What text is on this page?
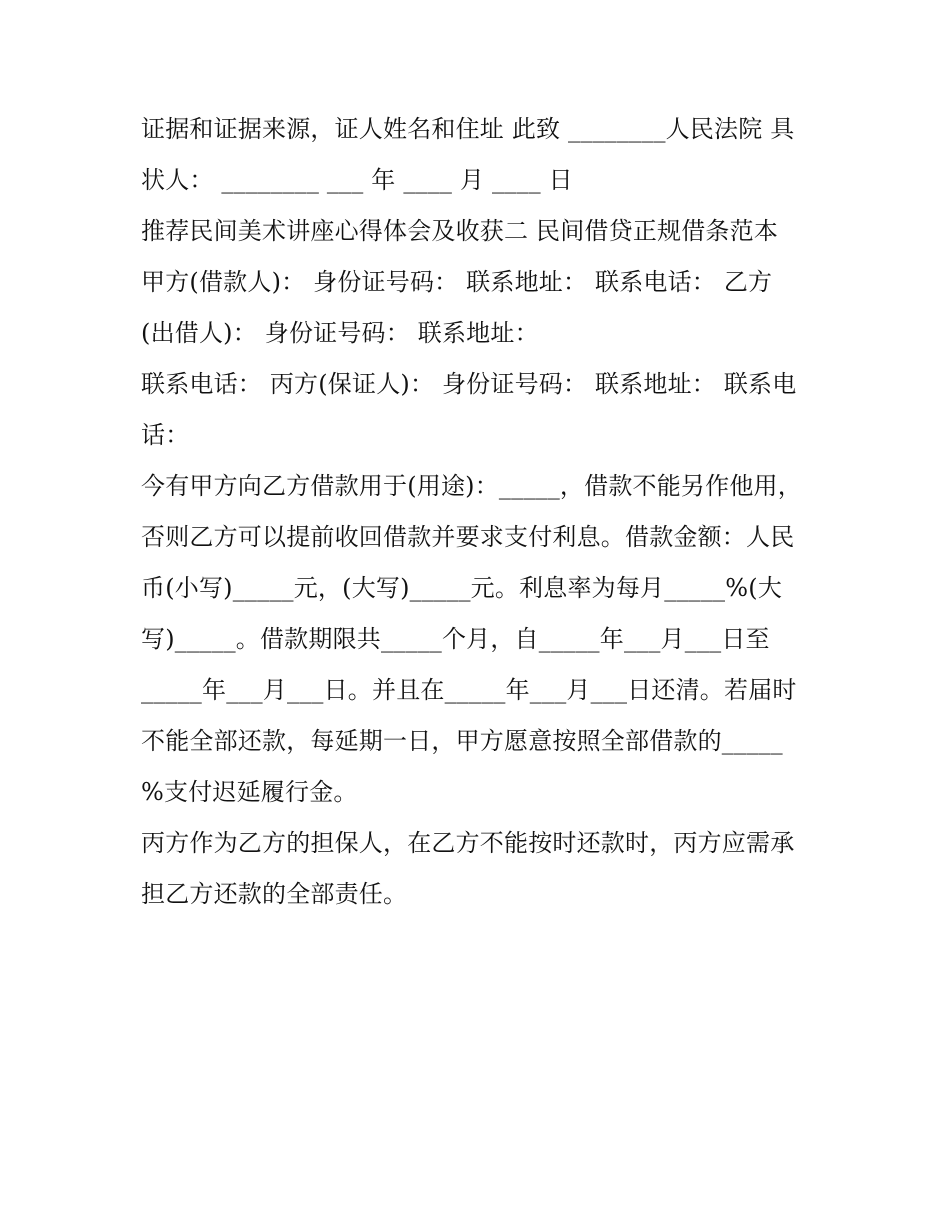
证据和证据来源，证人姓名和住址 此致 ________人民法院 具
状人： ________ ___ 年 ____ 月 ____ 日
推荐民间美术讲座心得体会及收获二 民间借贷正规借条范本
甲方(借款人)： 身份证号码： 联系地址： 联系电话： 乙方
(出借人)： 身份证号码： 联系地址：
联系电话： 丙方(保证人)： 身份证号码： 联系地址： 联系电
话：
今有甲方向乙方借款用于(用途)：_____，借款不能另作他用，
否则乙方可以提前收回借款并要求支付利息。借款金额：人民
币(小写)_____元，(大写)_____元。利息率为每月_____%(大
写)_____。借款期限共_____个月，自_____年___月___日至
_____年___月___日。并且在_____年___月___日还清。若届时
不能全部还款，每延期一日，甲方愿意按照全部借款的_____
%支付迟延履行金。
丙方作为乙方的担保人，在乙方不能按时还款时，丙方应需承
担乙方还款的全部责任。
